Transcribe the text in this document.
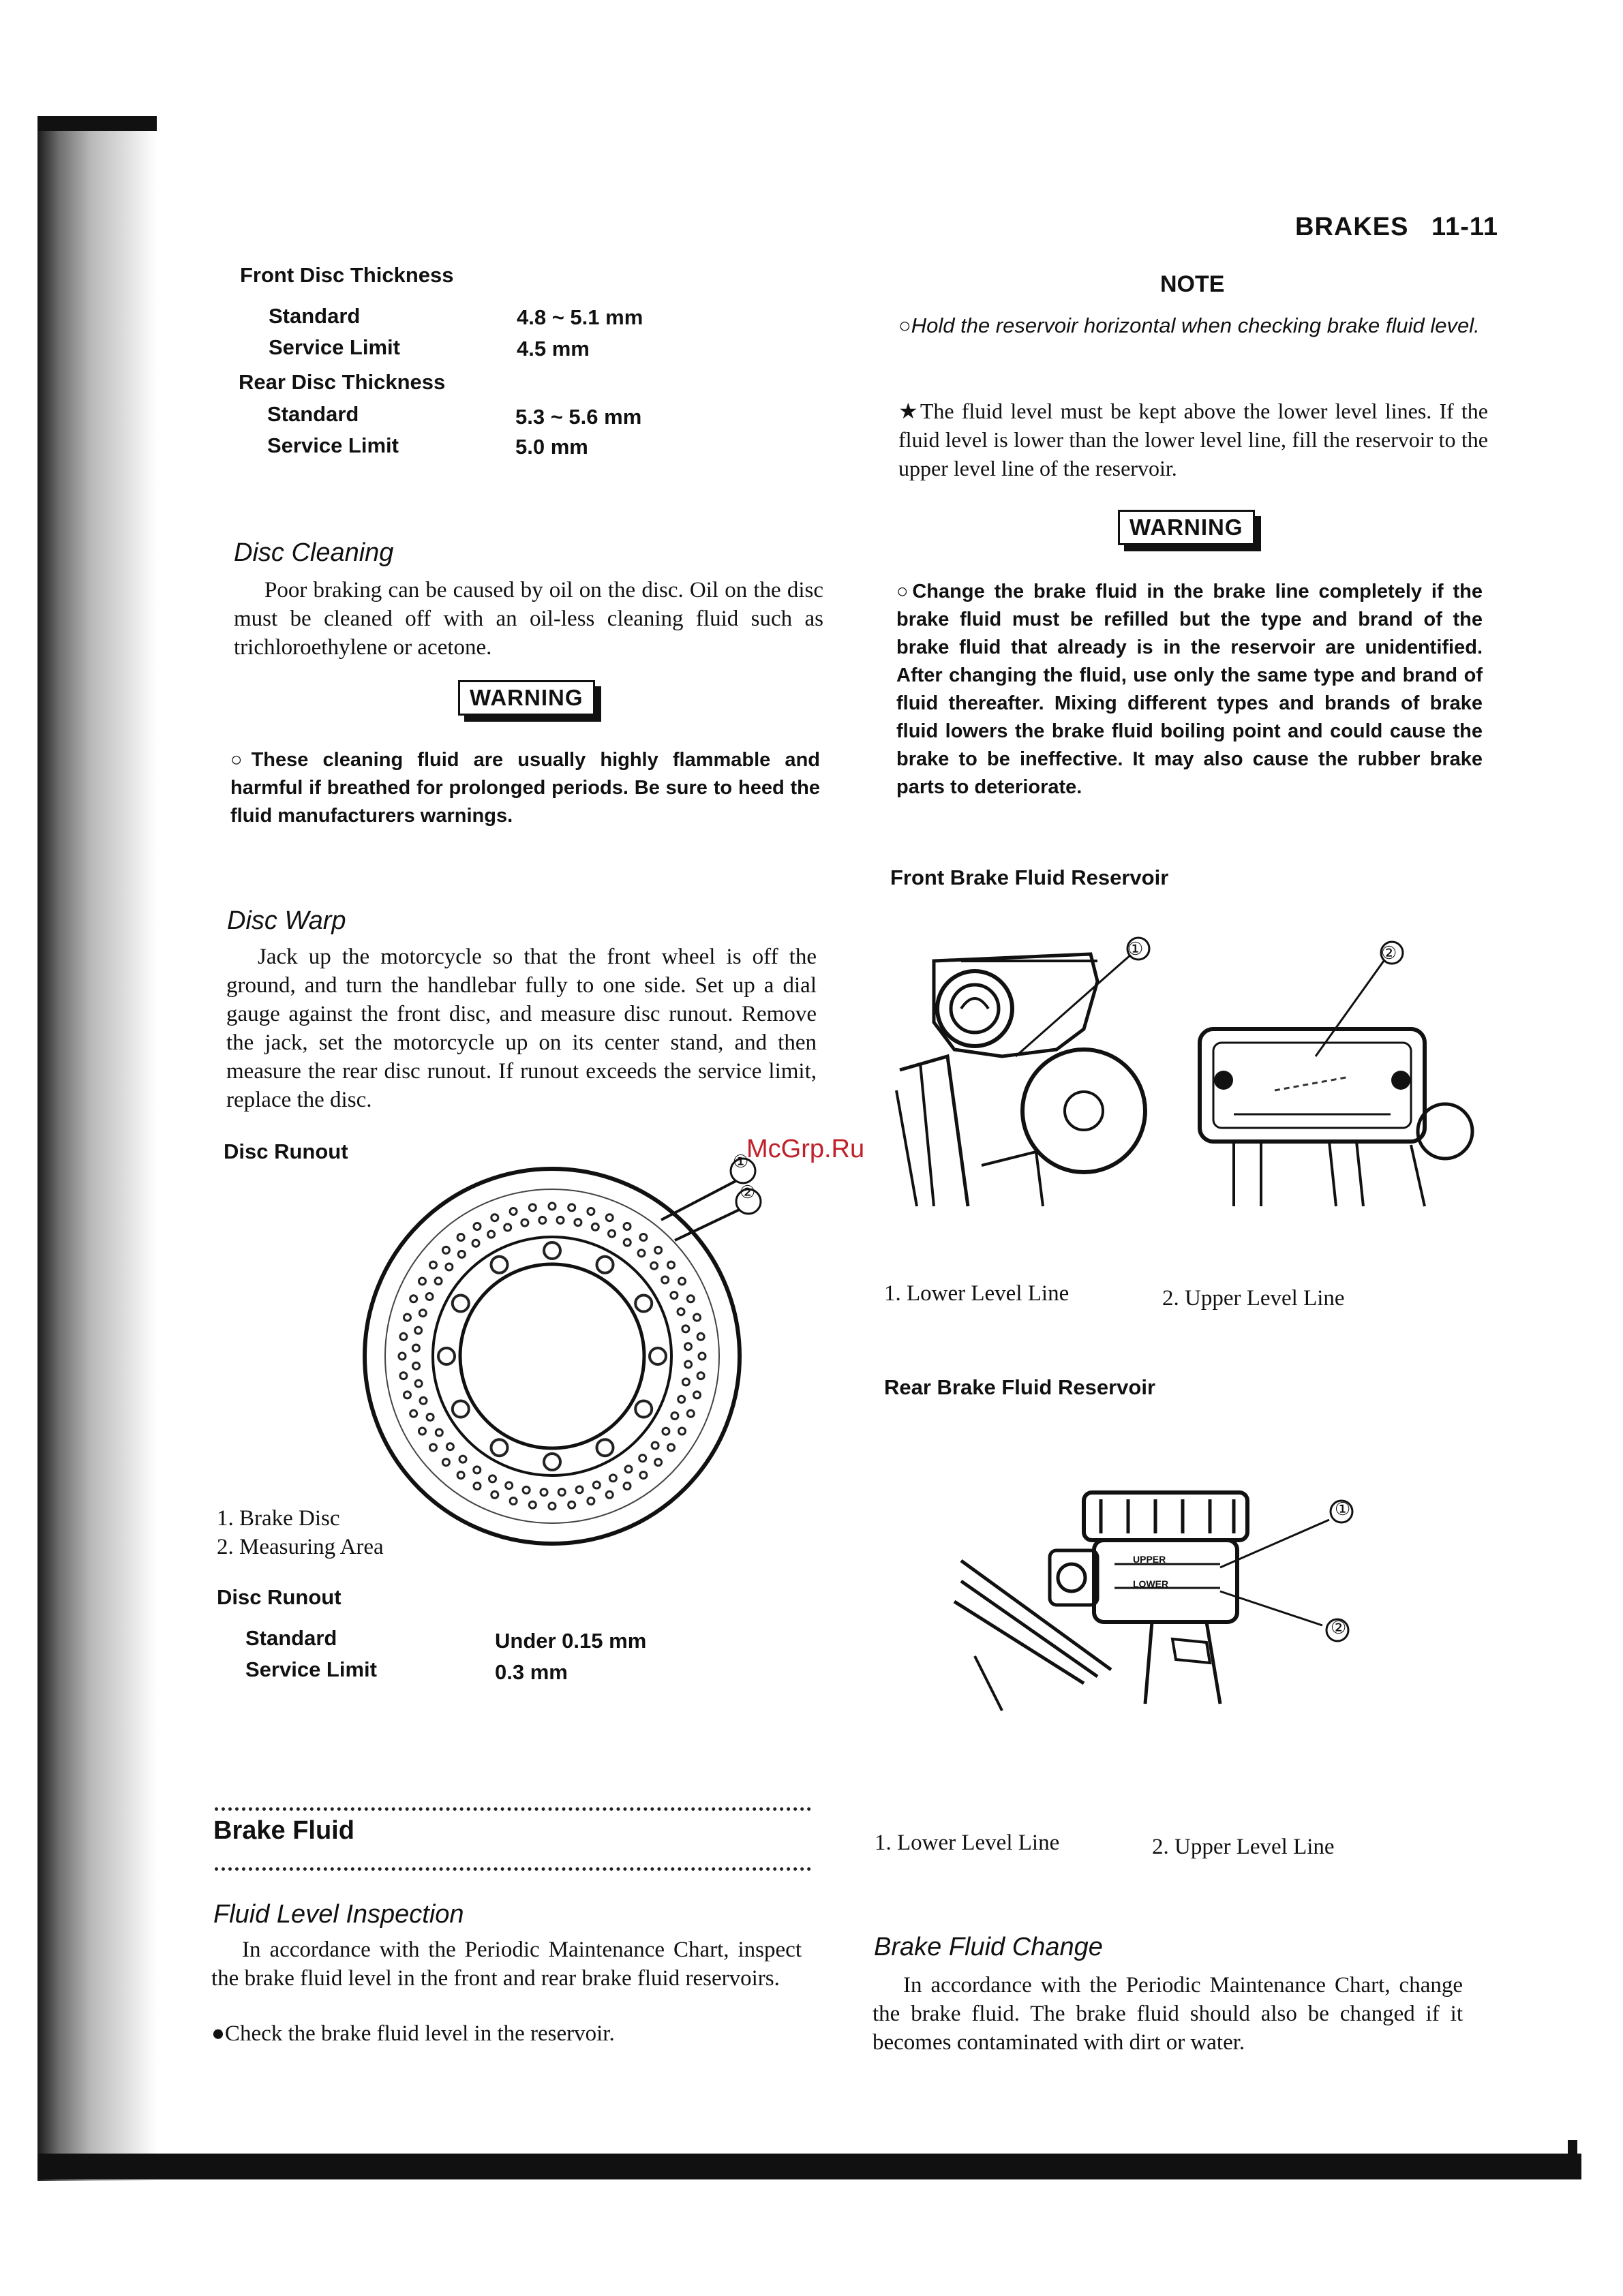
BRAKES 11-11
Front Disc Thickness
Standard	4.8 ~ 5.1 mm
Service Limit	4.5 mm
Rear Disc Thickness
Standard	5.3 ~ 5.6 mm
Service Limit	5.0 mm
Disc Cleaning
Poor braking can be caused by oil on the disc. Oil on the disc must be cleaned off with an oil-less cleaning fluid such as trichloroethylene or acetone.
WARNING
○These cleaning fluid are usually highly flammable and harmful if breathed for prolonged periods. Be sure to heed the fluid manufacturers warnings.
Disc Warp
Jack up the motorcycle so that the front wheel is off the ground, and turn the handlebar fully to one side. Set up a dial gauge against the front disc, and measure disc runout. Remove the jack, set the motorcycle up on its center stand, and then measure the rear disc runout. If runout exceeds the service limit, replace the disc.
Disc Runout	①
②
1. Brake Disc
2. Measuring Area
Disc Runout
Standard	Under 0.15 mm
Service Limit	0.3 mm
Brake Fluid
Fluid Level Inspection
In accordance with the Periodic Maintenance Chart, inspect the brake fluid level in the front and rear brake fluid reservoirs.
●Check the brake fluid level in the reservoir.
NOTE
○Hold the reservoir horizontal when checking brake fluid level.
★The fluid level must be kept above the lower level lines. If the fluid level is lower than the lower level line, fill the reservoir to the upper level line of the reservoir.
WARNING
○Change the brake fluid in the brake line completely if the brake fluid must be refilled but the type and brand of the brake fluid that already is in the reservoir are unidentified. After changing the fluid, use only the same type and brand of fluid thereafter. Mixing different types and brands of brake fluid lowers the brake fluid boiling point and could cause the brake to be ineffective. It may also cause the rubber brake parts to deteriorate.
Front Brake Fluid Reservoir
①	②
1. Lower Level Line	2. Upper Level Line
Rear Brake Fluid Reservoir
UPPER
LOWER
①
②
1. Lower Level Line	2. Upper Level Line
Brake Fluid Change
In accordance with the Periodic Maintenance Chart, change the brake fluid. The brake fluid should also be changed if it becomes contaminated with dirt or water.
McGrp.Ru
